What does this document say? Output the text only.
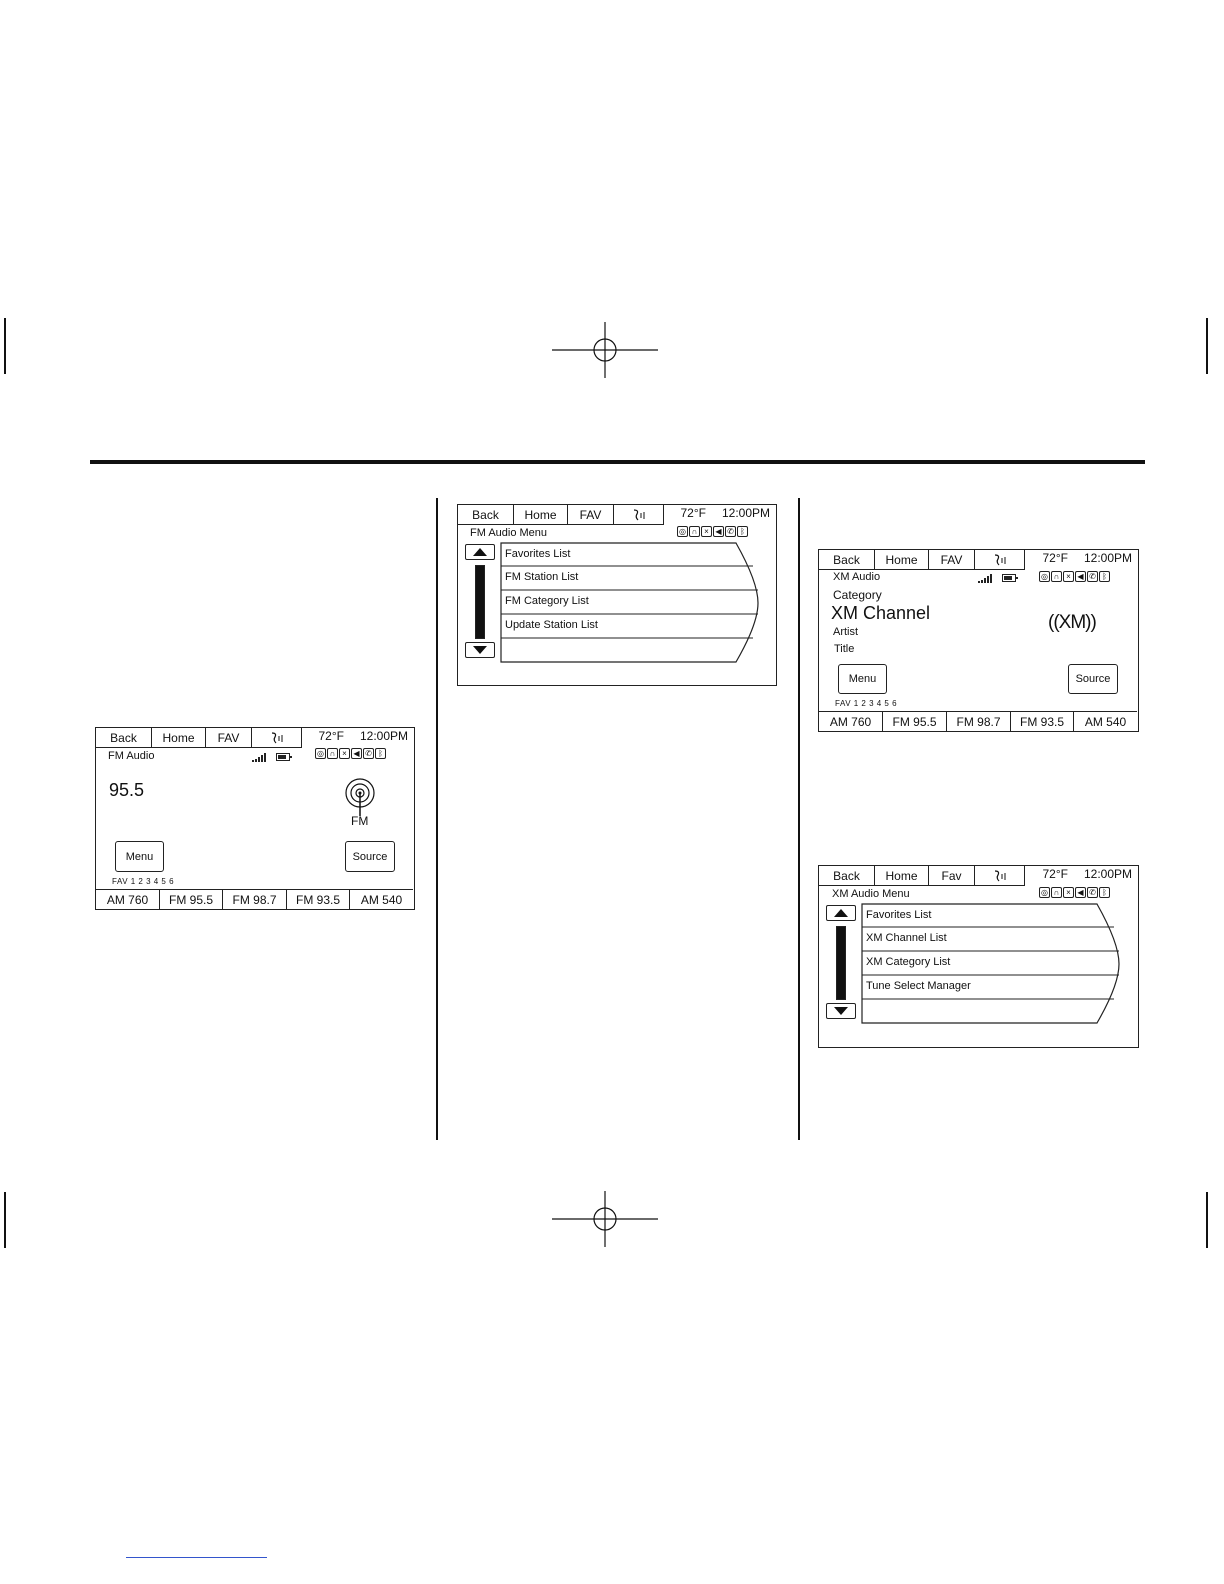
Back	Home	FAV	72°F 12:00PM
FM Audio	◎ ∩ × ◀ ✆ ᛒ
95.5
FM
Menu	Source
FAV 1 2 3 4 5 6
AM 760	FM 95.5	FM 98.7	FM 93.5	AM 540
Back	Home	FAV	72°F 12:00PM
FM Audio Menu	◎ ∩ × ◀ ✆ ᛒ
Favorites List
FM Station List
FM Category List
Update Station List
Back	Home	FAV	72°F 12:00PM
XM Audio	◎ ∩ × ◀ ✆ ᛒ
Category
XM Channel
Artist
Title
((XM))
Menu	Source
FAV 1 2 3 4 5 6
AM 760	FM 95.5	FM 98.7	FM 93.5	AM 540
Back	Home	Fav	72°F 12:00PM
XM Audio Menu	◎ ∩ × ◀ ✆ ᛒ
Favorites List
XM Channel List
XM Category List
Tune Select Manager
